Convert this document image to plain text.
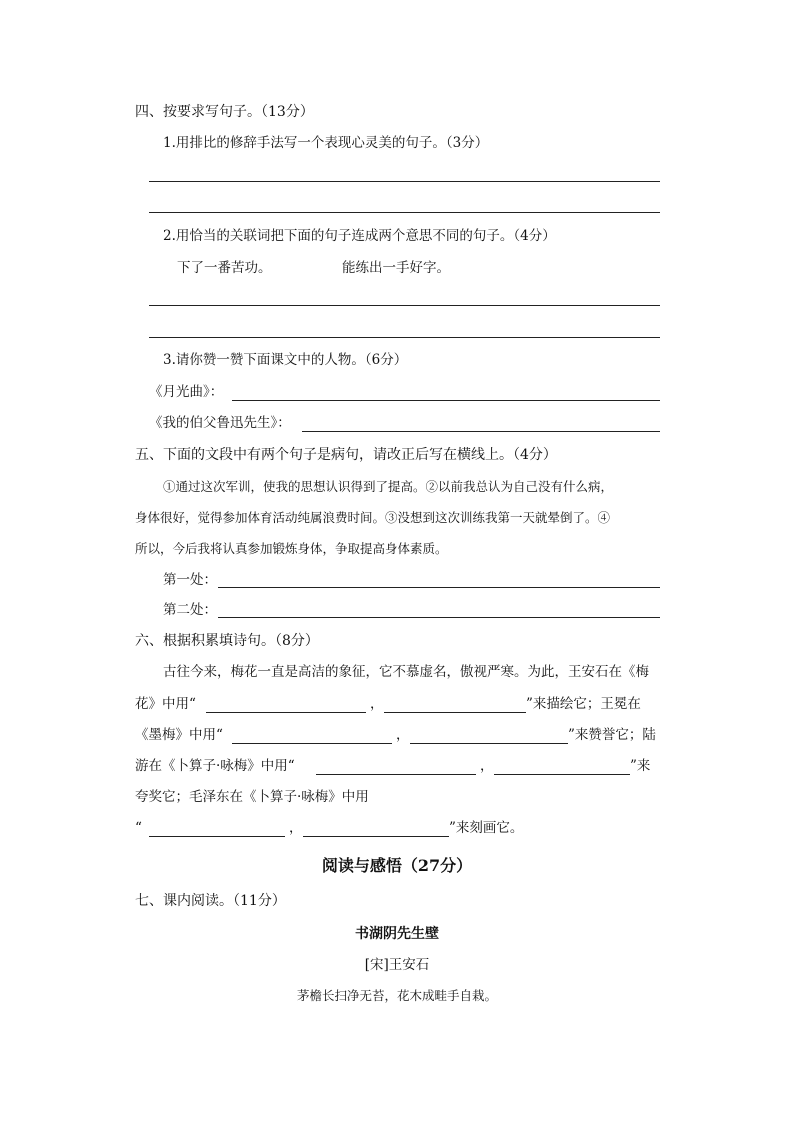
四、按要求写句子。（13分）
1.用排比的修辞手法写一个表现心灵美的句子。（3分）
2.用恰当的关联词把下面的句子连成两个意思不同的句子。（4分）
下了一番苦功。	能练出一手好字。
3.请你赞一赞下面课文中的人物。（6分）
《月光曲》：
《我的伯父鲁迅先生》：
五、下面的文段中有两个句子是病句，请改正后写在横线上。（4分）
①通过这次军训，使我的思想认识得到了提高。②以前我总认为自己没有什么病，
身体很好，觉得参加体育活动纯属浪费时间。③没想到这次训练我第一天就晕倒了。④
所以，今后我将认真参加锻炼身体，争取提高身体素质。
第一处：
第二处：
六、根据积累填诗句。（8分）
古往今来，梅花一直是高洁的象征，它不慕虚名，傲视严寒。为此，王安石在《梅
花》中用“	，	”来描绘它；王冕在
《墨梅》中用“	，	”来赞誉它；陆
游在《卜算子·咏梅》中用“	，	”来
夸奖它；毛泽东在《卜算子·咏梅》中用
“	，	”来刻画它。
阅读与感悟（27分）
七、课内阅读。（11分）
书湖阴先生壁
[宋]王安石
茅檐长扫净无苔，花木成畦手自栽。
